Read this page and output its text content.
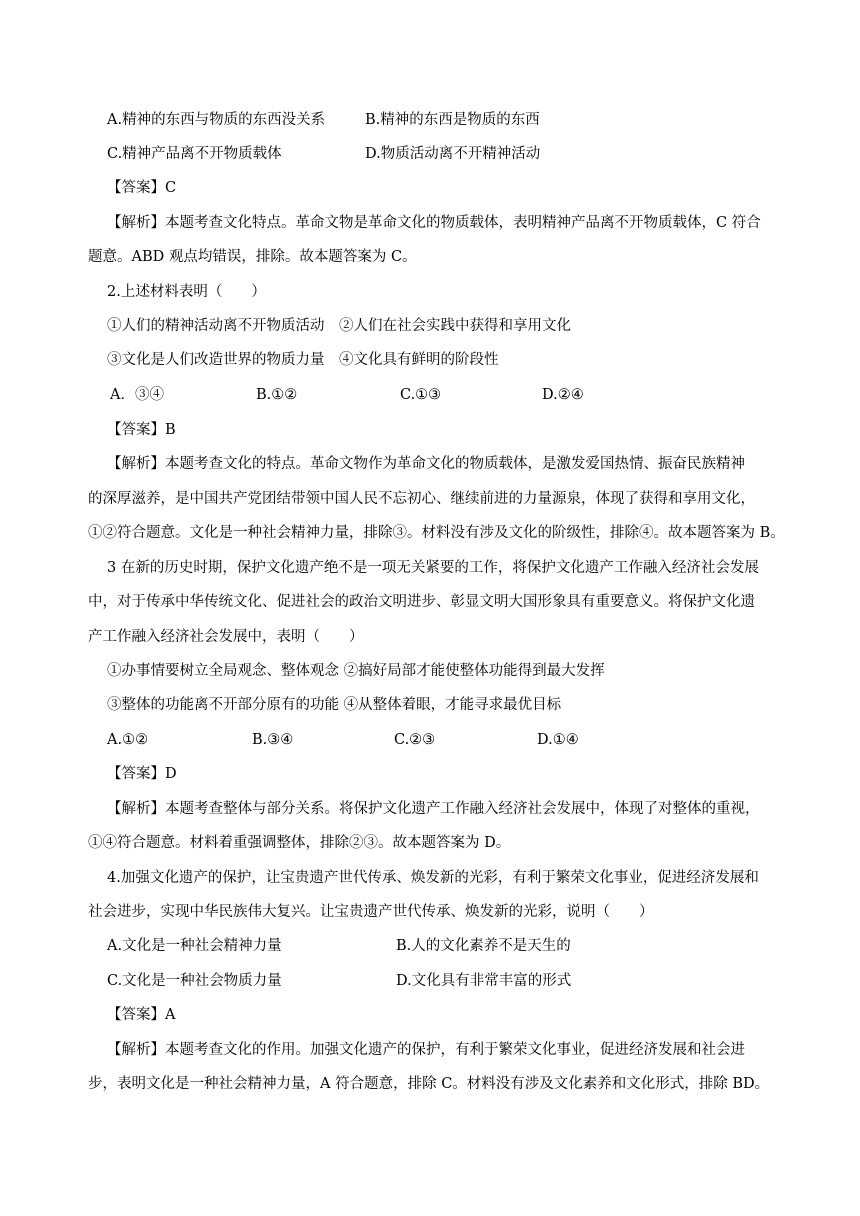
A.精神的东西与物质的东西没关系	B.精神的东西是物质的东西
C.精神产品离不开物质载体	D.物质活动离不开精神活动
【答案】C
【解析】本题考查文化特点。革命文物是革命文化的物质载体，表明精神产品离不开物质载体，C 符合
题意。ABD 观点均错误，排除。故本题答案为 C。
2.上述材料表明（　　）
①人们的精神活动离不开物质活动　②人们在社会实践中获得和享用文化
③文化是人们改造世界的物质力量　④文化具有鲜明的阶段性
A．③④	B.①②	C.①③	D.②④
【答案】B
【解析】本题考查文化的特点。革命文物作为革命文化的物质载体，是激发爱国热情、振奋民族精神
的深厚滋养，是中国共产党团结带领中国人民不忘初心、继续前进的力量源泉，体现了获得和享用文化，
①②符合题意。文化是一种社会精神力量，排除③。材料没有涉及文化的阶级性，排除④。故本题答案为 B。
3 在新的历史时期，保护文化遗产绝不是一项无关紧要的工作，将保护文化遗产工作融入经济社会发展
中，对于传承中华传统文化、促进社会的政治文明进步、彰显文明大国形象具有重要意义。将保护文化遗
产工作融入经济社会发展中，表明（　　）
①办事情要树立全局观念、整体观念 ②搞好局部才能使整体功能得到最大发挥
③整体的功能离不开部分原有的功能 ④从整体着眼，才能寻求最优目标
A.①②	B.③④	C.②③	D.①④
【答案】D
【解析】本题考查整体与部分关系。将保护文化遗产工作融入经济社会发展中，体现了对整体的重视，
①④符合题意。材料着重强调整体，排除②③。故本题答案为 D。
4.加强文化遗产的保护，让宝贵遗产世代传承、焕发新的光彩，有利于繁荣文化事业，促进经济发展和
社会进步，实现中华民族伟大复兴。让宝贵遗产世代传承、焕发新的光彩，说明（　　）
A.文化是一种社会精神力量	B.人的文化素养不是天生的
C.文化是一种社会物质力量	D.文化具有非常丰富的形式
【答案】A
【解析】本题考查文化的作用。加强文化遗产的保护，有利于繁荣文化事业，促进经济发展和社会进
步，表明文化是一种社会精神力量，A 符合题意，排除 C。材料没有涉及文化素养和文化形式，排除 BD。
